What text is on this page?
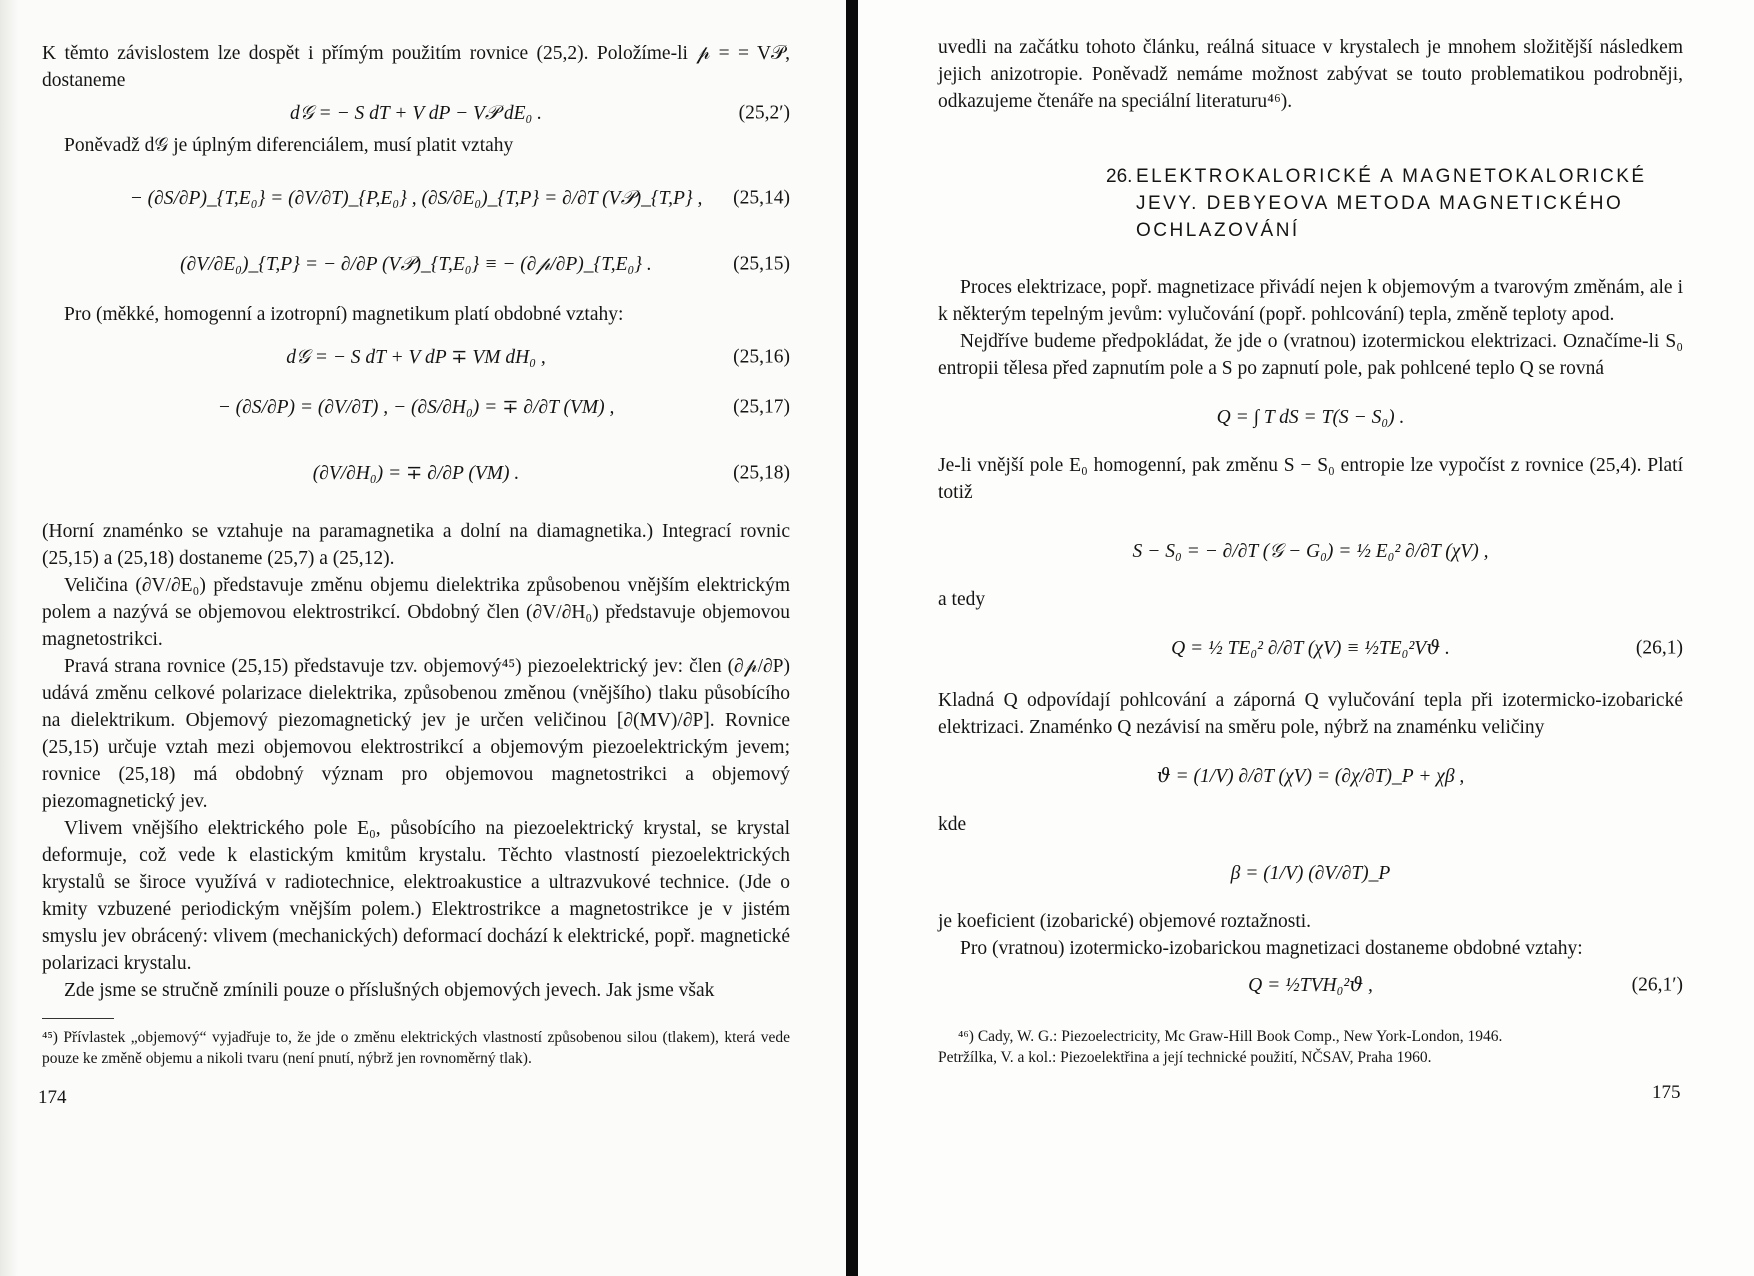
K těmto závislostem lze dospět i přímým použitím rovnice (25,2). Položíme-li 𝓅 = = V𝒫, dostaneme

d𝒢 = − S dT + V dP − V𝒫 dE₀ .	(25,2′)

Poněvadž d𝒢 je úplným diferenciálem, musí platit vztahy

− (∂S/∂P)_{T,E₀} = (∂V/∂T)_{P,E₀} , (∂S/∂E₀)_{T,P} = ∂/∂T (V𝒫)_{T,P} , (25,14)
(∂V/∂E₀)_{T,P} = − ∂/∂P (V𝒫)_{T,E₀} ≡ − (∂𝓅/∂P)_{T,E₀} .	(25,15)

Pro (měkké, homogenní a izotropní) magnetikum platí obdobné vztahy:

d𝒢 = − S dT + V dP ∓ VM dH₀ ,	(25,16)
− (∂S/∂P) = (∂V/∂T) , − (∂S/∂H₀) = ∓ ∂/∂T (VM) ,	(25,17)
(∂V/∂H₀) = ∓ ∂/∂P (VM) .	(25,18)

(Horní znaménko se vztahuje na paramagnetika a dolní na diamagnetika.) Integrací rovnic (25,15) a (25,18) dostaneme (25,7) a (25,12).

Veličina (∂V/∂E₀) představuje změnu objemu dielektrika způsobenou vnějším elektrickým polem a nazývá se objemovou elektrostrikcí. Obdobný člen (∂V/∂H₀) představuje objemovou magnetostrikci.

Pravá strana rovnice (25,15) představuje tzv. objemový⁴⁵) piezoelektrický jev: člen (∂𝓅/∂P) udává změnu celkové polarizace dielektrika, způsobenou změnou (vnějšího) tlaku působícího na dielektrikum. Objemový piezomagnetický jev je určen veličinou [∂(MV)/∂P]. Rovnice (25,15) určuje vztah mezi objemovou elektrostrikcí a objemovým piezoelektrickým jevem; rovnice (25,18) má obdobný význam pro objemovou magnetostrikci a objemový piezomagnetický jev.

Vlivem vnějšího elektrického pole E₀, působícího na piezoelektrický krystal, se krystal deformuje, což vede k elastickým kmitům krystalu. Těchto vlastností piezoelektrických krystalů se široce využívá v radiotechnice, elektroakustice a ultrazvukové technice. (Jde o kmity vzbuzené periodickým vnějším polem.) Elektrostrikce a magnetostrikce je v jistém smyslu jev obrácený: vlivem (mechanických) deformací dochází k elektrické, popř. magnetické polarizaci krystalu.

Zde jsme se stručně zmínili pouze o příslušných objemových jevech. Jak jsme však

⁴⁵) Přívlastek „objemový“ vyjadřuje to, že jde o změnu elektrických vlastností způsobenou silou (tlakem), která vede pouze ke změně objemu a nikoli tvaru (není pnutí, nýbrž jen rovnoměrný tlak).

174

uvedli na začátku tohoto článku, reálná situace v krystalech je mnohem složitější následkem jejich anizotropie. Poněvadž nemáme možnost zabývat se touto problematikou podrobněji, odkazujeme čtenáře na speciální literaturu⁴⁶).

26. ELEKTROKALORICKÉ A MAGNETOKALORICKÉ
JEVY. DEBYEOVA METODA MAGNETICKÉHO
OCHLAZOVÁNÍ

Proces elektrizace, popř. magnetizace přivádí nejen k objemovým a tvarovým změnám, ale i k některým tepelným jevům: vylučování (popř. pohlcování) tepla, změně teploty apod.

Nejdříve budeme předpokládat, že jde o (vratnou) izotermickou elektrizaci. Označíme-li S₀ entropii tělesa před zapnutím pole a S po zapnutí pole, pak pohlcené teplo Q se rovná

Q = ∫ T dS = T(S − S₀) .

Je-li vnější pole E₀ homogenní, pak změnu S − S₀ entropie lze vypočíst z rovnice (25,4). Platí totiž

S − S₀ = − ∂/∂T (𝒢 − G₀) = ½ E₀² ∂/∂T (χV) ,

a tedy

Q = ½ TE₀² ∂/∂T (χV) ≡ ½TE₀²V𝜗 .	(26,1)

Kladná Q odpovídají pohlcování a záporná Q vylučování tepla při izotermicko-izobarické elektrizaci. Znaménko Q nezávisí na směru pole, nýbrž na znaménku veličiny

𝜗 = (1/V) ∂/∂T (χV) = (∂χ/∂T)_P + χβ ,

kde

β = (1/V) (∂V/∂T)_P

je koeficient (izobarické) objemové roztažnosti.

Pro (vratnou) izotermicko-izobarickou magnetizaci dostaneme obdobné vztahy:

Q = ½TVH₀²𝜗 ,	(26,1′)

⁴⁶) Cady, W. G.: Piezoelectricity, Mc Graw-Hill Book Comp., New York-London, 1946.

Petržílka, V. a kol.: Piezoelektřina a její technické použití, NČSAV, Praha 1960.

175
